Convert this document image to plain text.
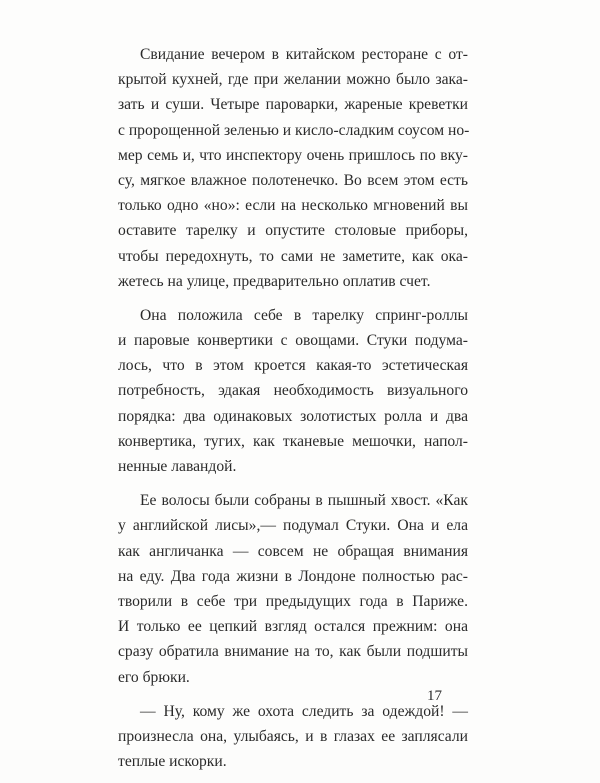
Свидание вечером в китайском ресторане с от-
крытой кухней, где при желании можно было зака-
зать и суши. Четыре пароварки, жареные креветки
с пророщенной зеленью и кисло-сладким соусом но-
мер семь и, что инспектору очень пришлось по вку-
су, мягкое влажное полотенечко. Во всем этом есть
только одно «но»: если на несколько мгновений вы
оставите тарелку и опустите столовые приборы,
чтобы передохнуть, то сами не заметите, как ока-
жетесь на улице, предварительно оплатив счет.
Она положила себе в тарелку спринг-роллы
и паровые конвертики с овощами. Стуки подума-
лось, что в этом кроется какая-то эстетическая
потребность, эдакая необходимость визуального
порядка: два одинаковых золотистых ролла и два
конвертика, тугих, как тканевые мешочки, напол-
ненные лавандой.
Ее волосы были собраны в пышный хвост. «Как
у английской лисы»,— подумал Стуки. Она и ела
как англичанка — совсем не обращая внимания
на еду. Два года жизни в Лондоне полностью рас-
творили в себе три предыдущих года в Париже.
И только ее цепкий взгляд остался прежним: она
сразу обратила внимание на то, как были подшиты
его брюки.
— Ну, кому же охота следить за одеждой! —
произнесла она, улыбаясь, и в глазах ее заплясали
теплые искорки.
17
